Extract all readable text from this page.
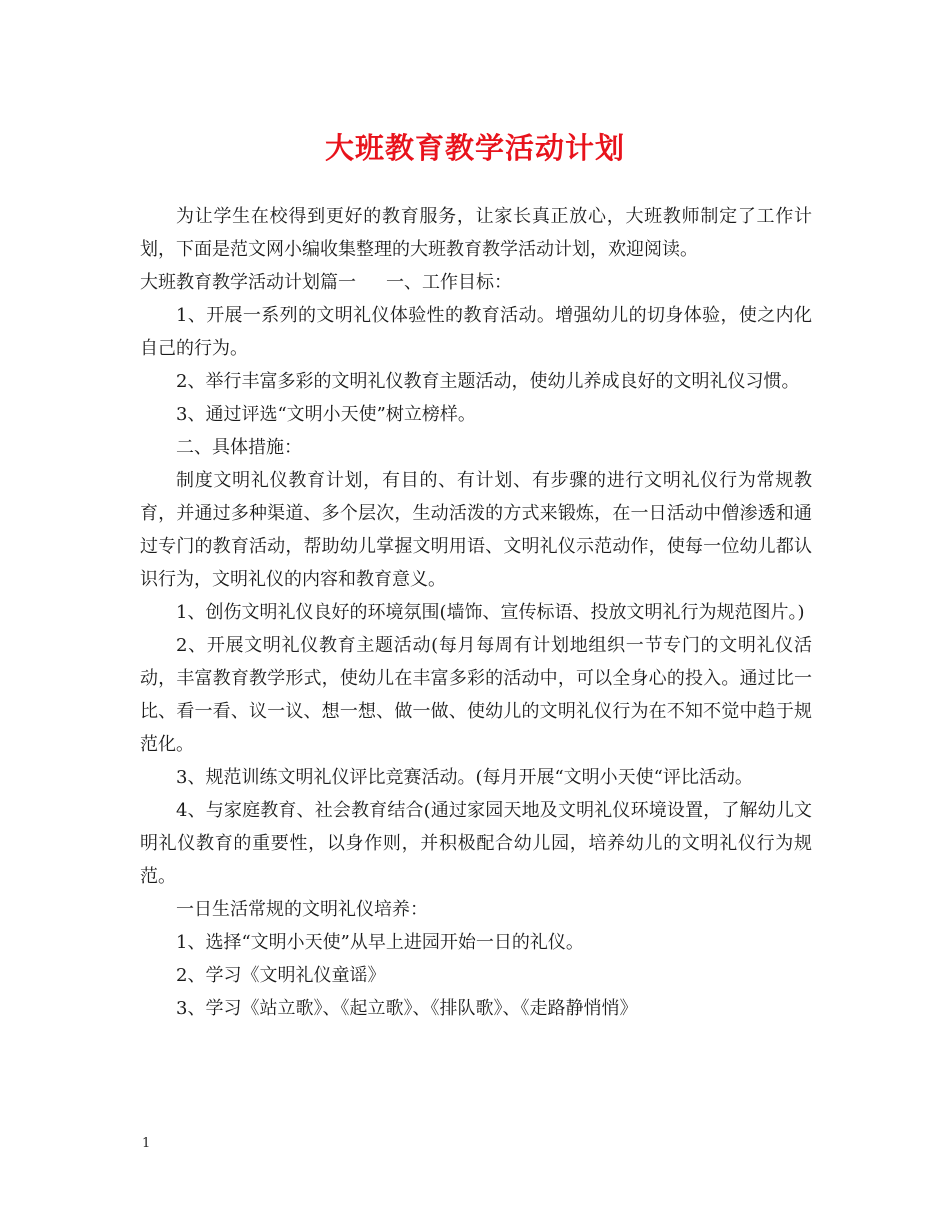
大班教育教学活动计划

为让学生在校得到更好的教育服务，让家长真正放心，大班教师制定了工作计划，下面是范文网小编收集整理的大班教育教学活动计划，欢迎阅读。

大班教育教学活动计划篇一 一、工作目标：

1、开展一系列的文明礼仪体验性的教育活动。增强幼儿的切身体验，使之内化自己的行为。

2、举行丰富多彩的文明礼仪教育主题活动，使幼儿养成良好的文明礼仪习惯。

3、通过评选“文明小天使”树立榜样。

二、具体措施：

制度文明礼仪教育计划，有目的、有计划、有步骤的进行文明礼仪行为常规教育，并通过多种渠道、多个层次，生动活泼的方式来锻炼，在一日活动中僧渗透和通过专门的教育活动，帮助幼儿掌握文明用语、文明礼仪示范动作，使每一位幼儿都认识行为，文明礼仪的内容和教育意义。

1、创伤文明礼仪良好的环境氛围(墙饰、宣传标语、投放文明礼行为规范图片。)

2、开展文明礼仪教育主题活动(每月每周有计划地组织一节专门的文明礼仪活动，丰富教育教学形式，使幼儿在丰富多彩的活动中，可以全身心的投入。通过比一比、看一看、议一议、想一想、做一做、使幼儿的文明礼仪行为在不知不觉中趋于规范化。

3、规范训练文明礼仪评比竞赛活动。(每月开展“文明小天使“评比活动。

4、与家庭教育、社会教育结合(通过家园天地及文明礼仪环境设置，了解幼儿文明礼仪教育的重要性，以身作则，并积极配合幼儿园，培养幼儿的文明礼仪行为规范。

一日生活常规的文明礼仪培养：

1、选择“文明小天使”从早上进园开始一日的礼仪。

2、学习《文明礼仪童谣》

3、学习《站立歌》、《起立歌》、《排队歌》、《走路静悄悄》

1
